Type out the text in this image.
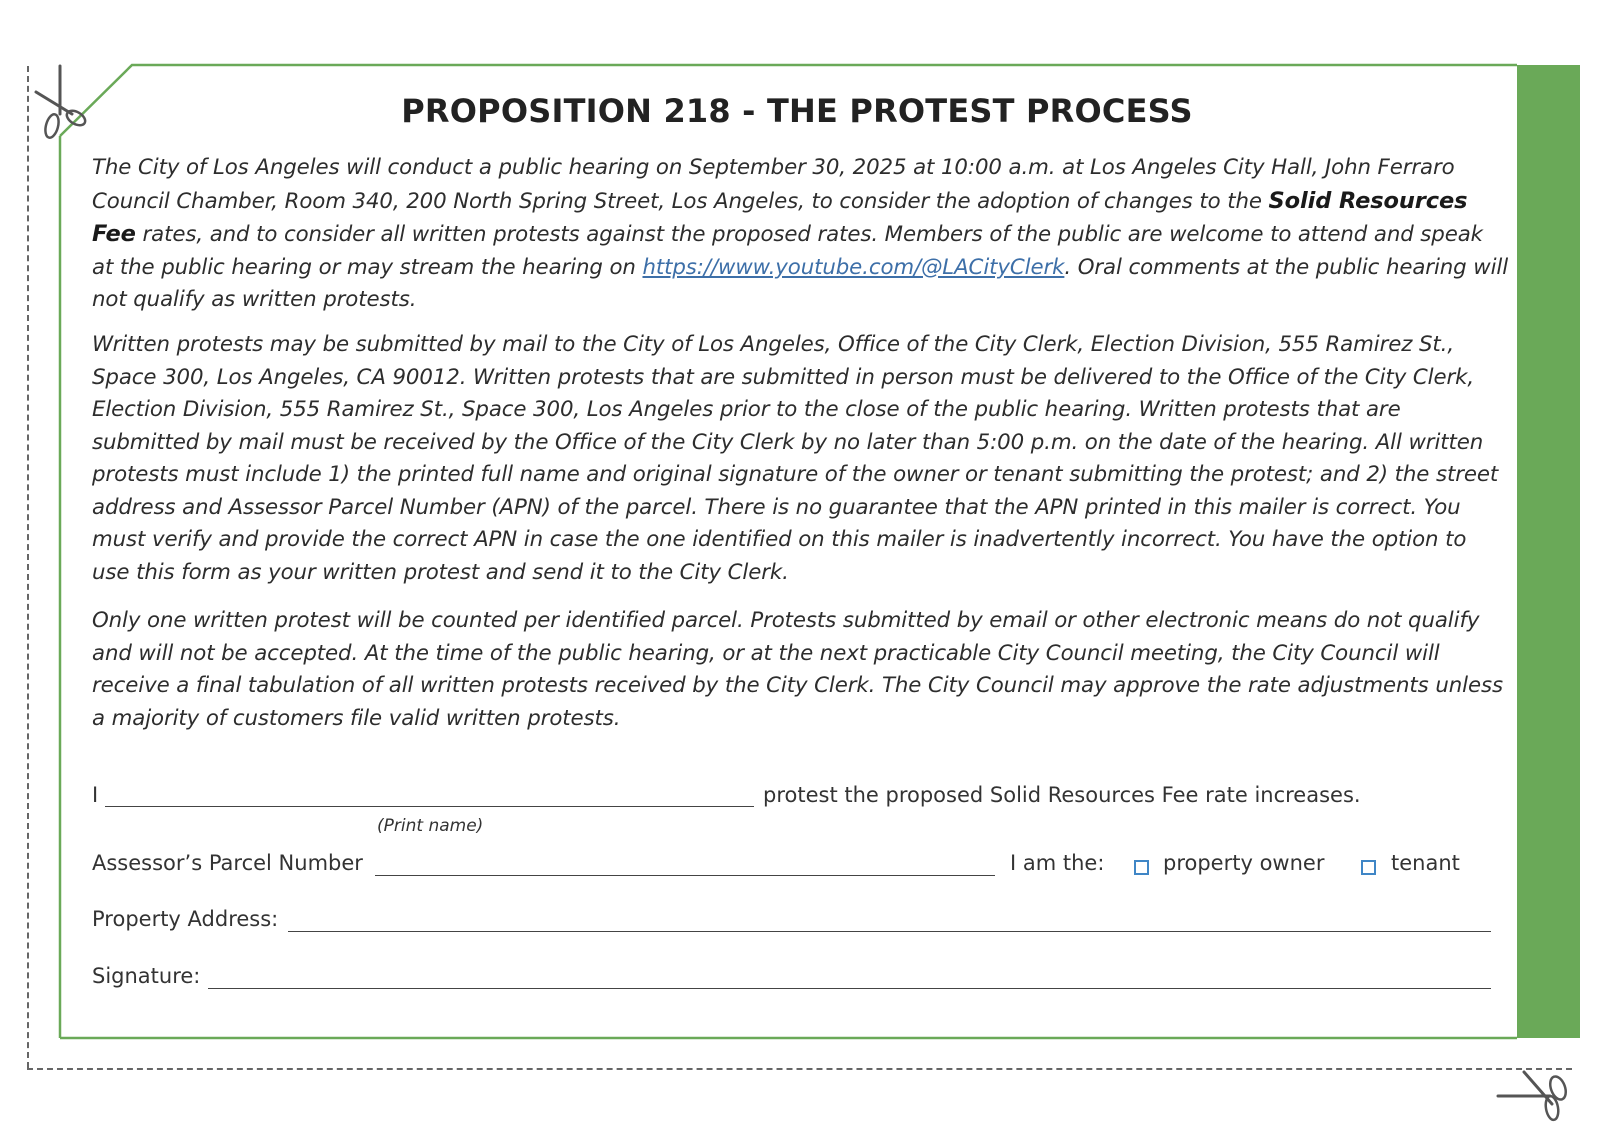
PROPOSITION 218 - THE PROTEST PROCESS

The City of Los Angeles will conduct a public hearing on September 30, 2025 at 10:00 a.m. at Los Angeles City Hall, John Ferraro Council Chamber, Room 340, 200 North Spring Street, Los Angeles, to consider the adoption of changes to the Solid Resources Fee rates, and to consider all written protests against the proposed rates. Members of the public are welcome to attend and speak at the public hearing or may stream the hearing on https://www.youtube.com/@LACityClerk. Oral comments at the public hearing will not qualify as written protests.

Written protests may be submitted by mail to the City of Los Angeles, Office of the City Clerk, Election Division, 555 Ramirez St., Space 300, Los Angeles, CA 90012. Written protests that are submitted in person must be delivered to the Office of the City Clerk, Election Division, 555 Ramirez St., Space 300, Los Angeles prior to the close of the public hearing. Written protests that are submitted by mail must be received by the Office of the City Clerk by no later than 5:00 p.m. on the date of the hearing. All written protests must include 1) the printed full name and original signature of the owner or tenant submitting the protest; and 2) the street address and Assessor Parcel Number (APN) of the parcel. There is no guarantee that the APN printed in this mailer is correct. You must verify and provide the correct APN in case the one identified on this mailer is inadvertently incorrect. You have the option to use this form as your written protest and send it to the City Clerk.

Only one written protest will be counted per identified parcel. Protests submitted by email or other electronic means do not qualify and will not be accepted. At the time of the public hearing, or at the next practicable City Council meeting, the City Council will receive a final tabulation of all written protests received by the City Clerk. The City Council may approve the rate adjustments unless a majority of customers file valid written protests.

I	protest the proposed Solid Resources Fee rate increases.
(Print name)
Assessor’s Parcel Number	I am the:	property owner	tenant
Property Address:
Signature:
